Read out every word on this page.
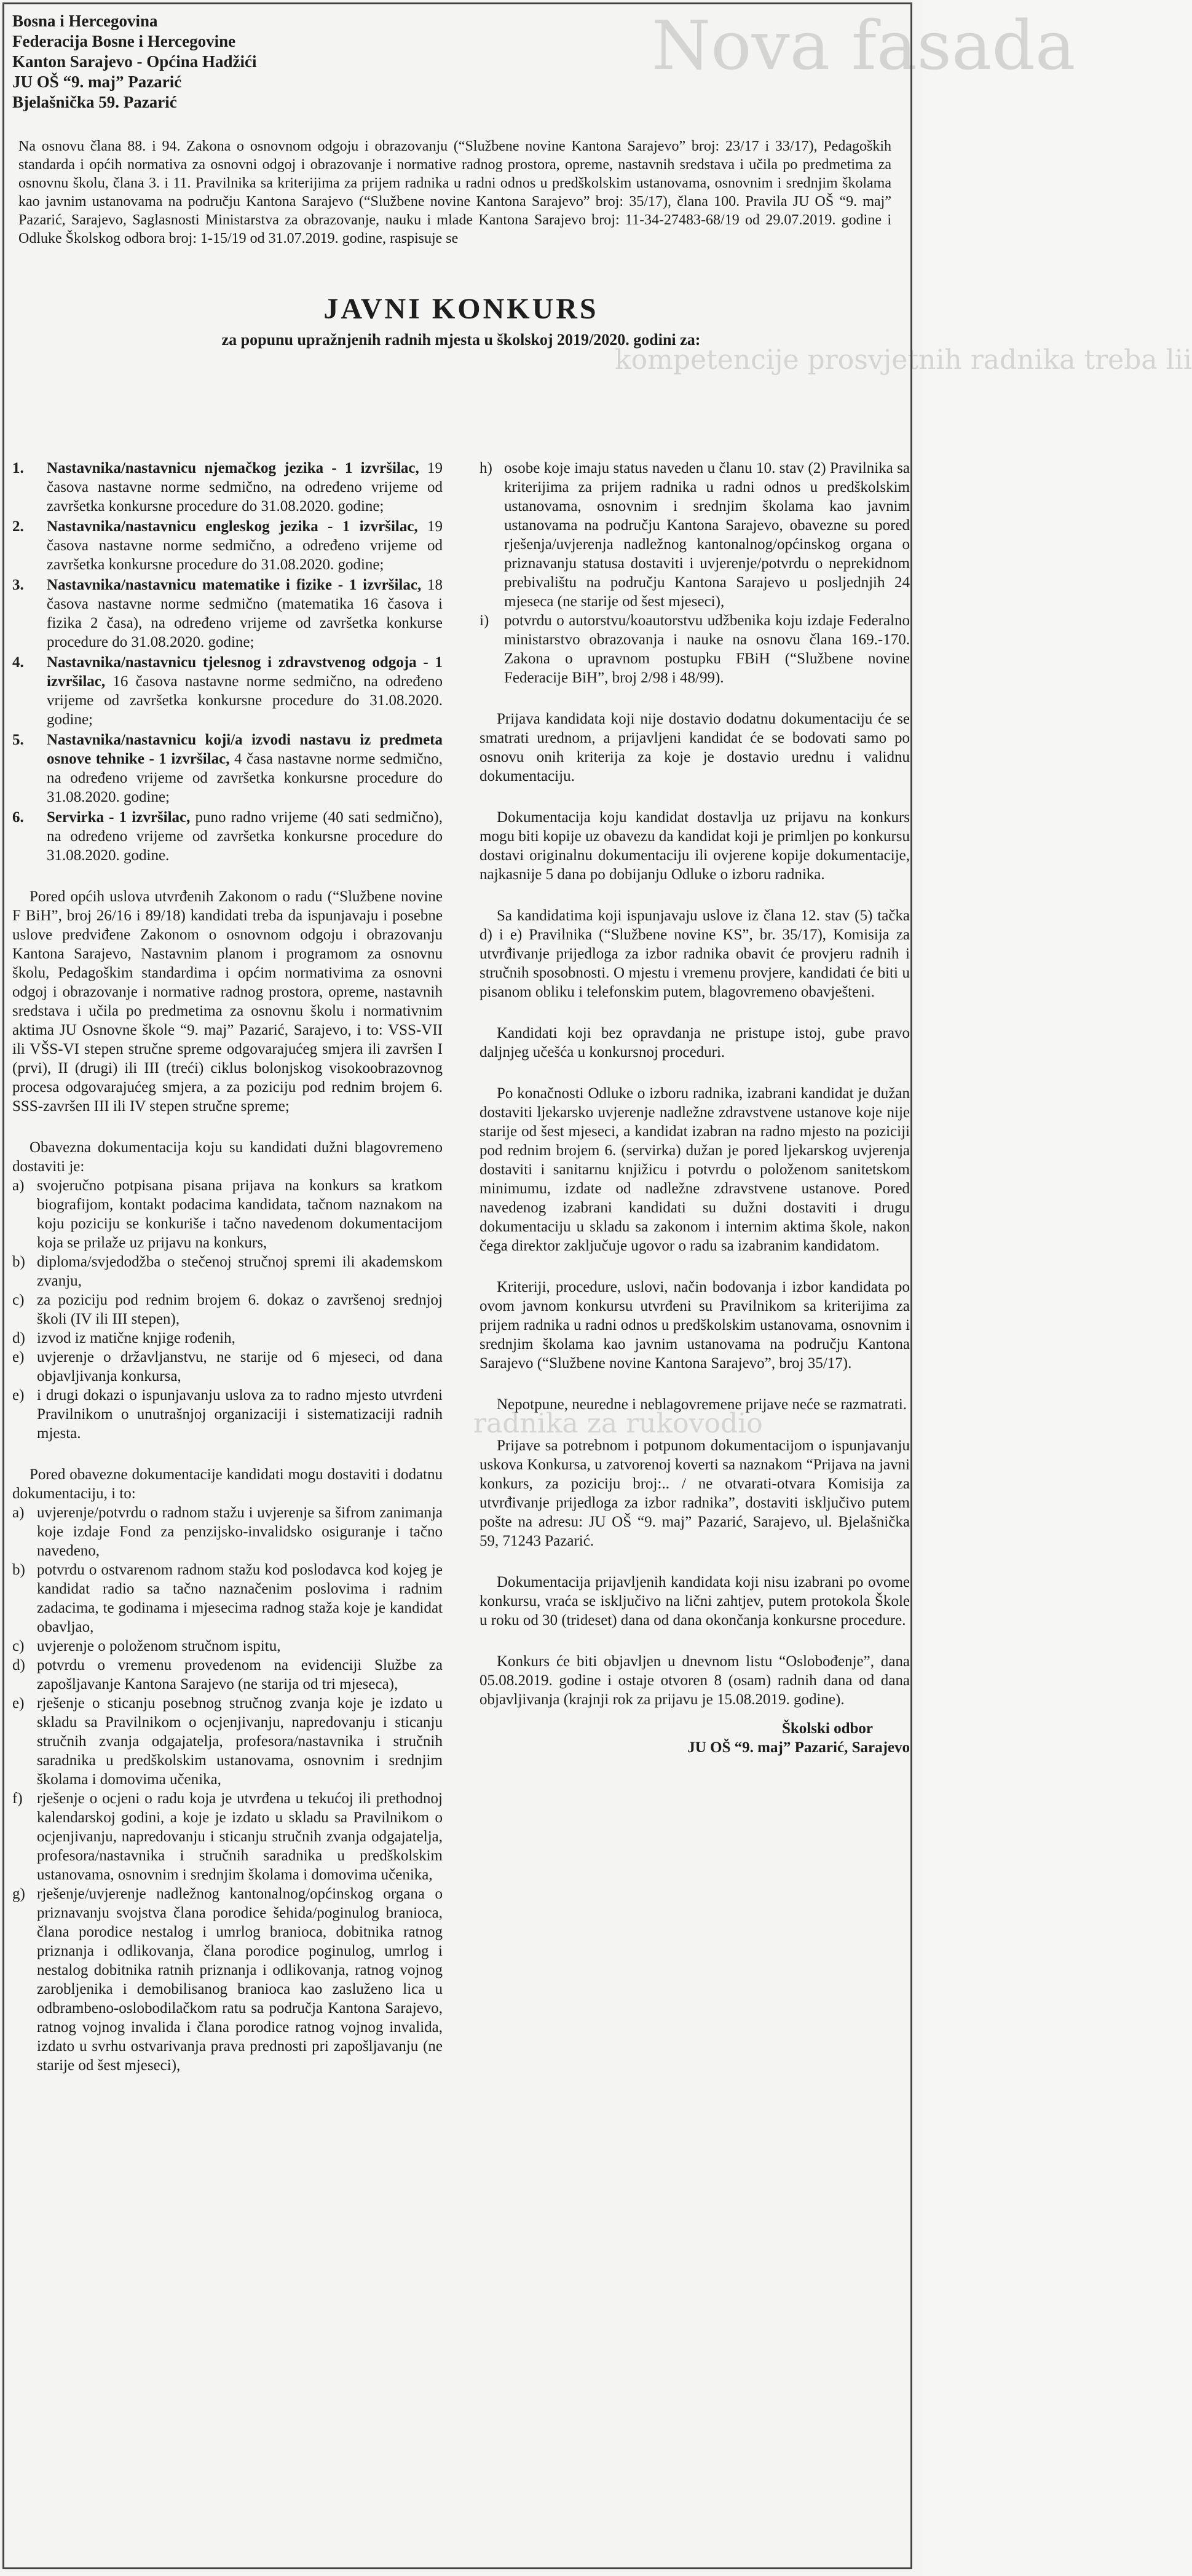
Nova fasada
kompetencije prosvjetnih radnika treba lii
radnika za rukovodio
Bosna i Hercegovina
Federacija Bosne i Hercegovine
Kanton Sarajevo - Općina Hadžići
JU OŠ “9. maj” Pazarić
Bjelašnička 59. Pazarić
Na osnovu člana 88. i 94. Zakona o osnovnom odgoju i obrazovanju (“Službene novine Kantona Sarajevo” broj: 23/17 i 33/17), Pedagoških standarda i općih normativa za osnovni odgoj i obrazovanje i normative radnog prostora, opreme, nastavnih sredstava i učila po predmetima za osnovnu školu, člana 3. i 11. Pravilnika sa kriterijima za prijem radnika u radni odnos u predškolskim ustanovama, osnovnim i srednjim školama kao javnim ustanovama na području Kantona Sarajevo (“Službene novine Kantona Sarajevo” broj: 35/17), člana 100. Pravila JU OŠ “9. maj” Pazarić, Sarajevo, Saglasnosti Ministarstva za obrazovanje, nauku i mlade Kantona Sarajevo broj: 11-34-27483-68/19 od 29.07.2019. godine i Odluke Školskog odbora broj: 1-15/19 od 31.07.2019. godine, raspisuje se
JAVNI KONKURS
za popunu upražnjenih radnih mjesta u školskoj 2019/2020. godini za:
1.	Nastavnika/nastavnicu njemačkog jezika - 1 izvršilac, 19 časova nastavne norme sedmično, na određeno vrijeme od završetka konkursne procedure do 31.08.2020. godine;
2.	Nastavnika/nastavnicu engleskog jezika - 1 izvršilac, 19 časova nastavne norme sedmično, a određeno vrijeme od završetka konkursne procedure do 31.08.2020. godine;
3.	Nastavnika/nastavnicu matematike i fizike - 1 izvršilac, 18 časova nastavne norme sedmično (matematika 16 časova i fizika 2 časa), na određeno vrijeme od završetka konkurse procedure do 31.08.2020. godine;
4.	Nastavnika/nastavnicu tjelesnog i zdravstvenog odgoja - 1 izvršilac, 16 časova nastavne norme sedmično, na određeno vrijeme od završetka konkursne procedure do 31.08.2020. godine;
5.	Nastavnika/nastavnicu koji/a izvodi nastavu iz predmeta osnove tehnike - 1 izvršilac, 4 časa nastavne norme sedmično, na određeno vrijeme od završetka konkursne procedure do 31.08.2020. godine;
6.	Servirka - 1 izvršilac, puno radno vrijeme (40 sati sedmično), na određeno vrijeme od završetka konkursne procedure do 31.08.2020. godine.

Pored općih uslova utvrđenih Zakonom o radu (“Službene novine F BiH”, broj 26/16 i 89/18) kandidati treba da ispunjavaju i posebne uslove predviđene Zakonom o osnovnom odgoju i obrazovanju Kantona Sarajevo, Nastavnim planom i programom za osnovnu školu, Pedagoškim standardima i općim normativima za osnovni odgoj i obrazovanje i normative radnog prostora, opreme, nastavnih sredstava i učila po predmetima za osnovnu školu i normativnim aktima JU Osnovne škole “9. maj” Pazarić, Sarajevo, i to: VSS-VII ili VŠS-VI stepen stručne spreme odgovarajućeg smjera ili završen I (prvi), II (drugi) ili III (treći) ciklus bolonjskog visokoobrazovnog procesa odgovarajućeg smjera, a za poziciju pod rednim brojem 6. SSS-završen III ili IV stepen stručne spreme;

Obavezna dokumentacija koju su kandidati dužni blagovremeno dostaviti je:

a) svojeručno potpisana pisana prijava na konkurs sa kratkom biografijom, kontakt podacima kandidata, tačnom naznakom na koju poziciju se konkuriše i tačno navedenom dokumentacijom koja se prilaže uz prijavu na konkurs,
b) diploma/svjedodžba o stečenoj stručnoj spremi ili akademskom zvanju,
c) za poziciju pod rednim brojem 6. dokaz o završenoj srednjoj školi (IV ili III stepen),
d) izvod iz matične knjige rođenih,
e) uvjerenje o državljanstvu, ne starije od 6 mjeseci, od dana objavljivanja konkursa,
e) i drugi dokazi o ispunjavanju uslova za to radno mjesto utvrđeni Pravilnikom o unutrašnjoj organizaciji i sistematizaciji radnih mjesta.

Pored obavezne dokumentacije kandidati mogu dostaviti i dodatnu dokumentaciju, i to:

a) uvjerenje/potvrdu o radnom stažu i uvjerenje sa šifrom zanimanja koje izdaje Fond za penzijsko-invalidsko osiguranje i tačno navedeno,
b) potvrdu o ostvarenom radnom stažu kod poslodavca kod kojeg je kandidat radio sa tačno naznačenim poslovima i radnim zadacima, te godinama i mjesecima radnog staža koje je kandidat obavljao,
c) uvjerenje o položenom stručnom ispitu,
d) potvrdu o vremenu provedenom na evidenciji Službe za zapošljavanje Kantona Sarajevo (ne starija od tri mjeseca),
e) rješenje o sticanju posebnog stručnog zvanja koje je izdato u skladu sa Pravilnikom o ocjenjivanju, napredovanju i sticanju stručnih zvanja odgajatelja, profesora/nastavnika i stručnih saradnika u predškolskim ustanovama, osnovnim i srednjim školama i domovima učenika,
f) rješenje o ocjeni o radu koja je utvrđena u tekućoj ili prethodnoj kalendarskoj godini, a koje je izdato u skladu sa Pravilnikom o ocjenjivanju, napredovanju i sticanju stručnih zvanja odgajatelja, profesora/nastavnika i stručnih saradnika u predškolskim ustanovama, osnovnim i srednjim školama i domovima učenika,
g) rješenje/uvjerenje nadležnog kantonalnog/općinskog organa o priznavanju svojstva člana porodice šehida/poginulog branioca, člana porodice nestalog i umrlog branioca, dobitnika ratnog priznanja i odlikovanja, člana porodice poginulog, umrlog i nestalog dobitnika ratnih priznanja i odlikovanja, ratnog vojnog zarobljenika i demobilisanog branioca kao zasluženo lica u odbrambeno-oslobodilačkom ratu sa područja Kantona Sarajevo, ratnog vojnog invalida i člana porodice ratnog vojnog invalida, izdato u svrhu ostvarivanja prava prednosti pri zapošljavanju (ne starije od šest mjeseci),
h) osobe koje imaju status naveden u članu 10. stav (2) Pravilnika sa kriterijima za prijem radnika u radni odnos u predškolskim ustanovama, osnovnim i srednjim školama kao javnim ustanovama na području Kantona Sarajevo, obavezne su pored rješenja/uvjerenja nadležnog kantonalnog/općinskog organa o priznavanju statusa dostaviti i uvjerenje/potvrdu o neprekidnom prebivalištu na području Kantona Sarajevo u posljednjih 24 mjeseca (ne starije od šest mjeseci),
i) potvrdu o autorstvu/koautorstvu udžbenika koju izdaje Federalno ministarstvo obrazovanja i nauke na osnovu člana 169.-170. Zakona o upravnom postupku FBiH (“Službene novine Federacije BiH”, broj 2/98 i 48/99).

Prijava kandidata koji nije dostavio dodatnu dokumentaciju će se smatrati urednom, a prijavljeni kandidat će se bodovati samo po osnovu onih kriterija za koje je dostavio urednu i validnu dokumentaciju.

Dokumentacija koju kandidat dostavlja uz prijavu na konkurs mogu biti kopije uz obavezu da kandidat koji je primljen po konkursu dostavi originalnu dokumentaciju ili ovjerene kopije dokumentacije, najkasnije 5 dana po dobijanju Odluke o izboru radnika.

Sa kandidatima koji ispunjavaju uslove iz člana 12. stav (5) tačka d) i e) Pravilnika (“Službene novine KS”, br. 35/17), Komisija za utvrđivanje prijedloga za izbor radnika obavit će provjeru radnih i stručnih sposobnosti. O mjestu i vremenu provjere, kandidati će biti u pisanom obliku i telefonskim putem, blagovremeno obavješteni.

Kandidati koji bez opravdanja ne pristupe istoj, gube pravo daljnjeg učešća u konkursnoj proceduri.

Po konačnosti Odluke o izboru radnika, izabrani kandidat je dužan dostaviti ljekarsko uvjerenje nadležne zdravstvene ustanove koje nije starije od šest mjeseci, a kandidat izabran na radno mjesto na poziciji pod rednim brojem 6. (servirka) dužan je pored ljekarskog uvjerenja dostaviti i sanitarnu knjižicu i potvrdu o položenom sanitetskom minimumu, izdate od nadležne zdravstvene ustanove. Pored navedenog izabrani kandidati su dužni dostaviti i drugu dokumentaciju u skladu sa zakonom i internim aktima škole, nakon čega direktor zaključuje ugovor o radu sa izabranim kandidatom.

Kriteriji, procedure, uslovi, način bodovanja i izbor kandidata po ovom javnom konkursu utvrđeni su Pravilnikom sa kriterijima za prijem radnika u radni odnos u predškolskim ustanovama, osnovnim i srednjim školama kao javnim ustanovama na području Kantona Sarajevo (“Službene novine Kantona Sarajevo”, broj 35/17).

Nepotpune, neuredne i neblagovremene prijave neće se razmatrati.

Prijave sa potrebnom i potpunom dokumentacijom o ispunjavanju uskova Konkursa, u zatvorenoj koverti sa naznakom “Prijava na javni konkurs, za poziciju broj:.. / ne otvarati-otvara Komisija za utvrđivanje prijedloga za izbor radnika”, dostaviti isključivo putem pošte na adresu: JU OŠ “9. maj” Pazarić, Sarajevo, ul. Bjelašnička 59, 71243 Pazarić.

Dokumentacija prijavljenih kandidata koji nisu izabrani po ovome konkursu, vraća se isključivo na lični zahtjev, putem protokola Škole u roku od 30 (trideset) dana od dana okončanja konkursne procedure.

Konkurs će biti objavljen u dnevnom listu “Oslobođenje”, dana 05.08.2019. godine i ostaje otvoren 8 (osam) radnih dana od dana objavljivanja (krajnji rok za prijavu je 15.08.2019. godine).

Školski odbor
JU OŠ “9. maj” Pazarić, Sarajevo
